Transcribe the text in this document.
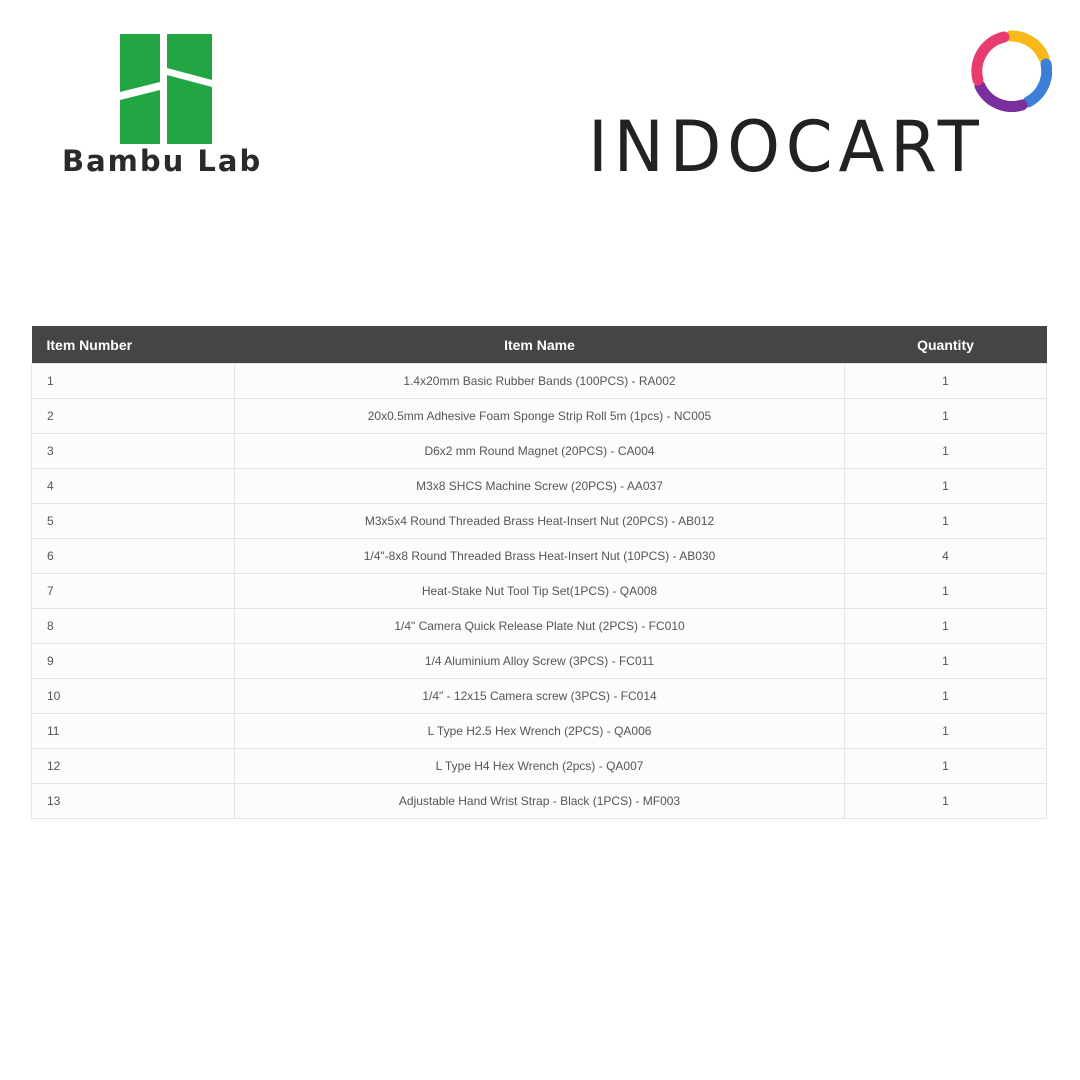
Bambu Lab	INDOCART
Item Number	Item Name	Quantity
1	1.4x20mm Basic Rubber Bands (100PCS) - RA002	1
2	20x0.5mm Adhesive Foam Sponge Strip Roll 5m (1pcs) - NC005	1
3	D6x2 mm Round Magnet (20PCS) - CA004	1
4	M3x8 SHCS Machine Screw (20PCS) - AA037	1
5	M3x5x4 Round Threaded Brass Heat-Insert Nut (20PCS) - AB012	1
6	1/4"-8x8 Round Threaded Brass Heat-Insert Nut (10PCS) - AB030	4
7	Heat-Stake Nut Tool Tip Set(1PCS) - QA008	1
8	1/4" Camera Quick Release Plate Nut (2PCS) - FC010	1
9	1/4 Aluminium Alloy Screw (3PCS) - FC011	1
10	1/4" - 12x15 Camera screw (3PCS) - FC014	1
11	L Type H2.5 Hex Wrench (2PCS) - QA006	1
12	L Type H4 Hex Wrench (2pcs) - QA007	1
13	Adjustable Hand Wrist Strap - Black (1PCS) - MF003	1
